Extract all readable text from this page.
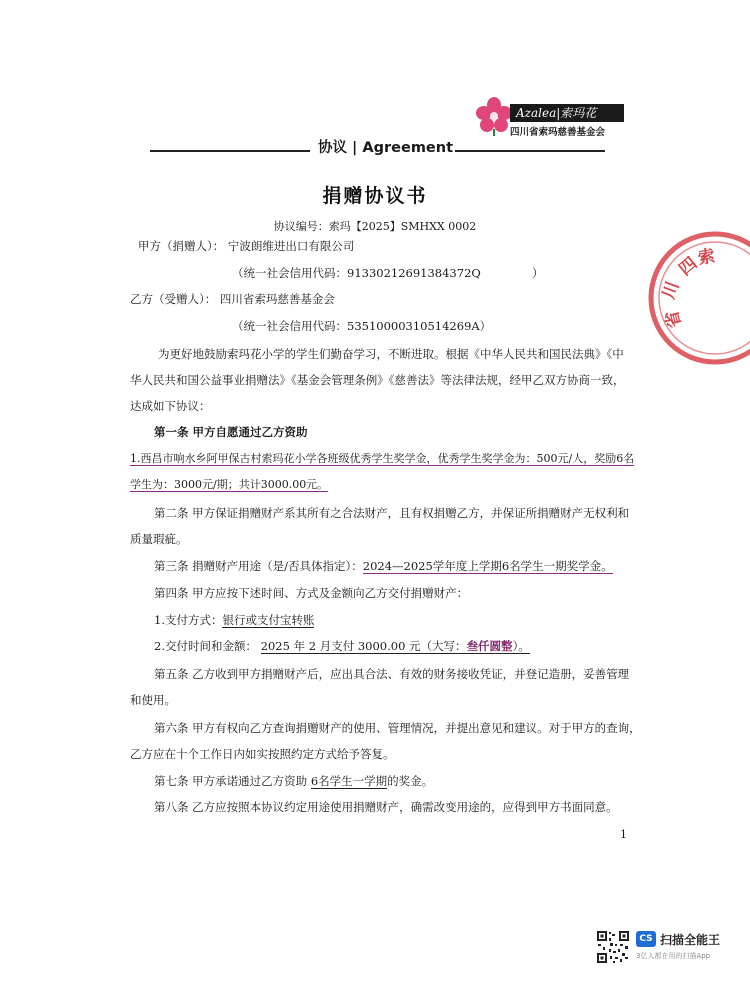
Azalea|索玛花
四川省索玛慈善基金会
协议 | Agreement
捐赠协议书
协议编号：索玛【2025】SMHXX 0002
甲方（捐赠人）： 宁波朗维进出口有限公司
（统一社会信用代码：91330212691384372Q	）
乙方（受赠人）： 四川省索玛慈善基金会
（统一社会信用代码：53510000310514269A）
为更好地鼓励索玛花小学的学生们勤奋学习，不断进取。根据《中华人民共和国民法典》《中
华人民共和国公益事业捐赠法》《基金会管理条例》《慈善法》等法律法规，经甲乙双方协商一致，
达成如下协议：
第一条 甲方自愿通过乙方资助
1.西昌市响水乡阿甲保古村索玛花小学各班级优秀学生奖学金，优秀学生奖学金为：500元/人，奖励6名
学生为：3000元/期；共计3000.00元。
第二条 甲方保证捐赠财产系其所有之合法财产，且有权捐赠乙方，并保证所捐赠财产无权利和
质量瑕疵。
第三条 捐赠财产用途（是/否具体指定）：2024—2025学年度上学期6名学生一期奖学金。
第四条 甲方应按下述时间、方式及金额向乙方交付捐赠财产：
1.支付方式：银行或支付宝转账
2.交付时间和金额： 2025 年 2 月支付 3000.00 元（大写：叁仟圆整）。
第五条 乙方收到甲方捐赠财产后，应出具合法、有效的财务接收凭证，并登记造册，妥善管理
和使用。
第六条 甲方有权向乙方查询捐赠财产的使用、管理情况，并提出意见和建议。对于甲方的查询，
乙方应在十个工作日内如实按照约定方式给予答复。
第七条 甲方承诺通过乙方资助 6名学生一学期的奖金。
第八条 乙方应按照本协议约定用途使用捐赠财产，确需改变用途的，应得到甲方书面同意。
1
四
川
省
索
CS 扫描全能王
3亿人都在用的扫描App
